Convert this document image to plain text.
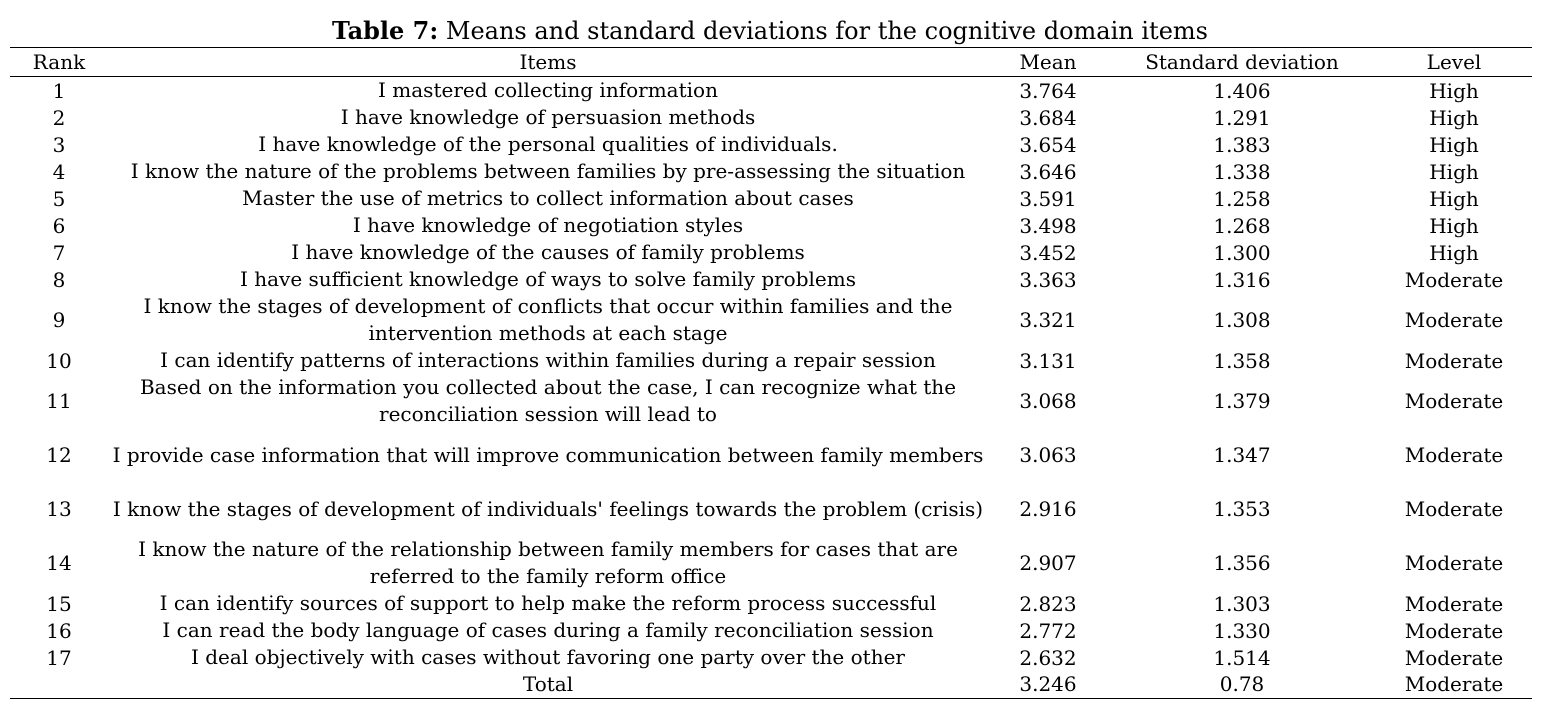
Table 7: Means and standard deviations for the cognitive domain items
Rank	Items	Mean	Standard deviation	Level
1	I mastered collecting information	3.764	1.406	High
2	I have knowledge of persuasion methods	3.684	1.291	High
3	I have knowledge of the personal qualities of individuals.	3.654	1.383	High
4	I know the nature of the problems between families by pre-assessing the situation	3.646	1.338	High
5	Master the use of metrics to collect information about cases	3.591	1.258	High
6	I have knowledge of negotiation styles	3.498	1.268	High
7	I have knowledge of the causes of family problems	3.452	1.300	High
8	I have sufficient knowledge of ways to solve family problems	3.363	1.316	Moderate
9	I know the stages of development of conflicts that occur within families and the intervention methods at each stage	3.321	1.308	Moderate
10	I can identify patterns of interactions within families during a repair session	3.131	1.358	Moderate
11	Based on the information you collected about the case, I can recognize what the reconciliation session will lead to	3.068	1.379	Moderate
12	I provide case information that will improve communication between family members	3.063	1.347	Moderate
13	I know the stages of development of individuals' feelings towards the problem (crisis)	2.916	1.353	Moderate
14	I know the nature of the relationship between family members for cases that are referred to the family reform office	2.907	1.356	Moderate
15	I can identify sources of support to help make the reform process successful	2.823	1.303	Moderate
16	I can read the body language of cases during a family reconciliation session	2.772	1.330	Moderate
17	I deal objectively with cases without favoring one party over the other	2.632	1.514	Moderate
	Total	3.246	0.78	Moderate
